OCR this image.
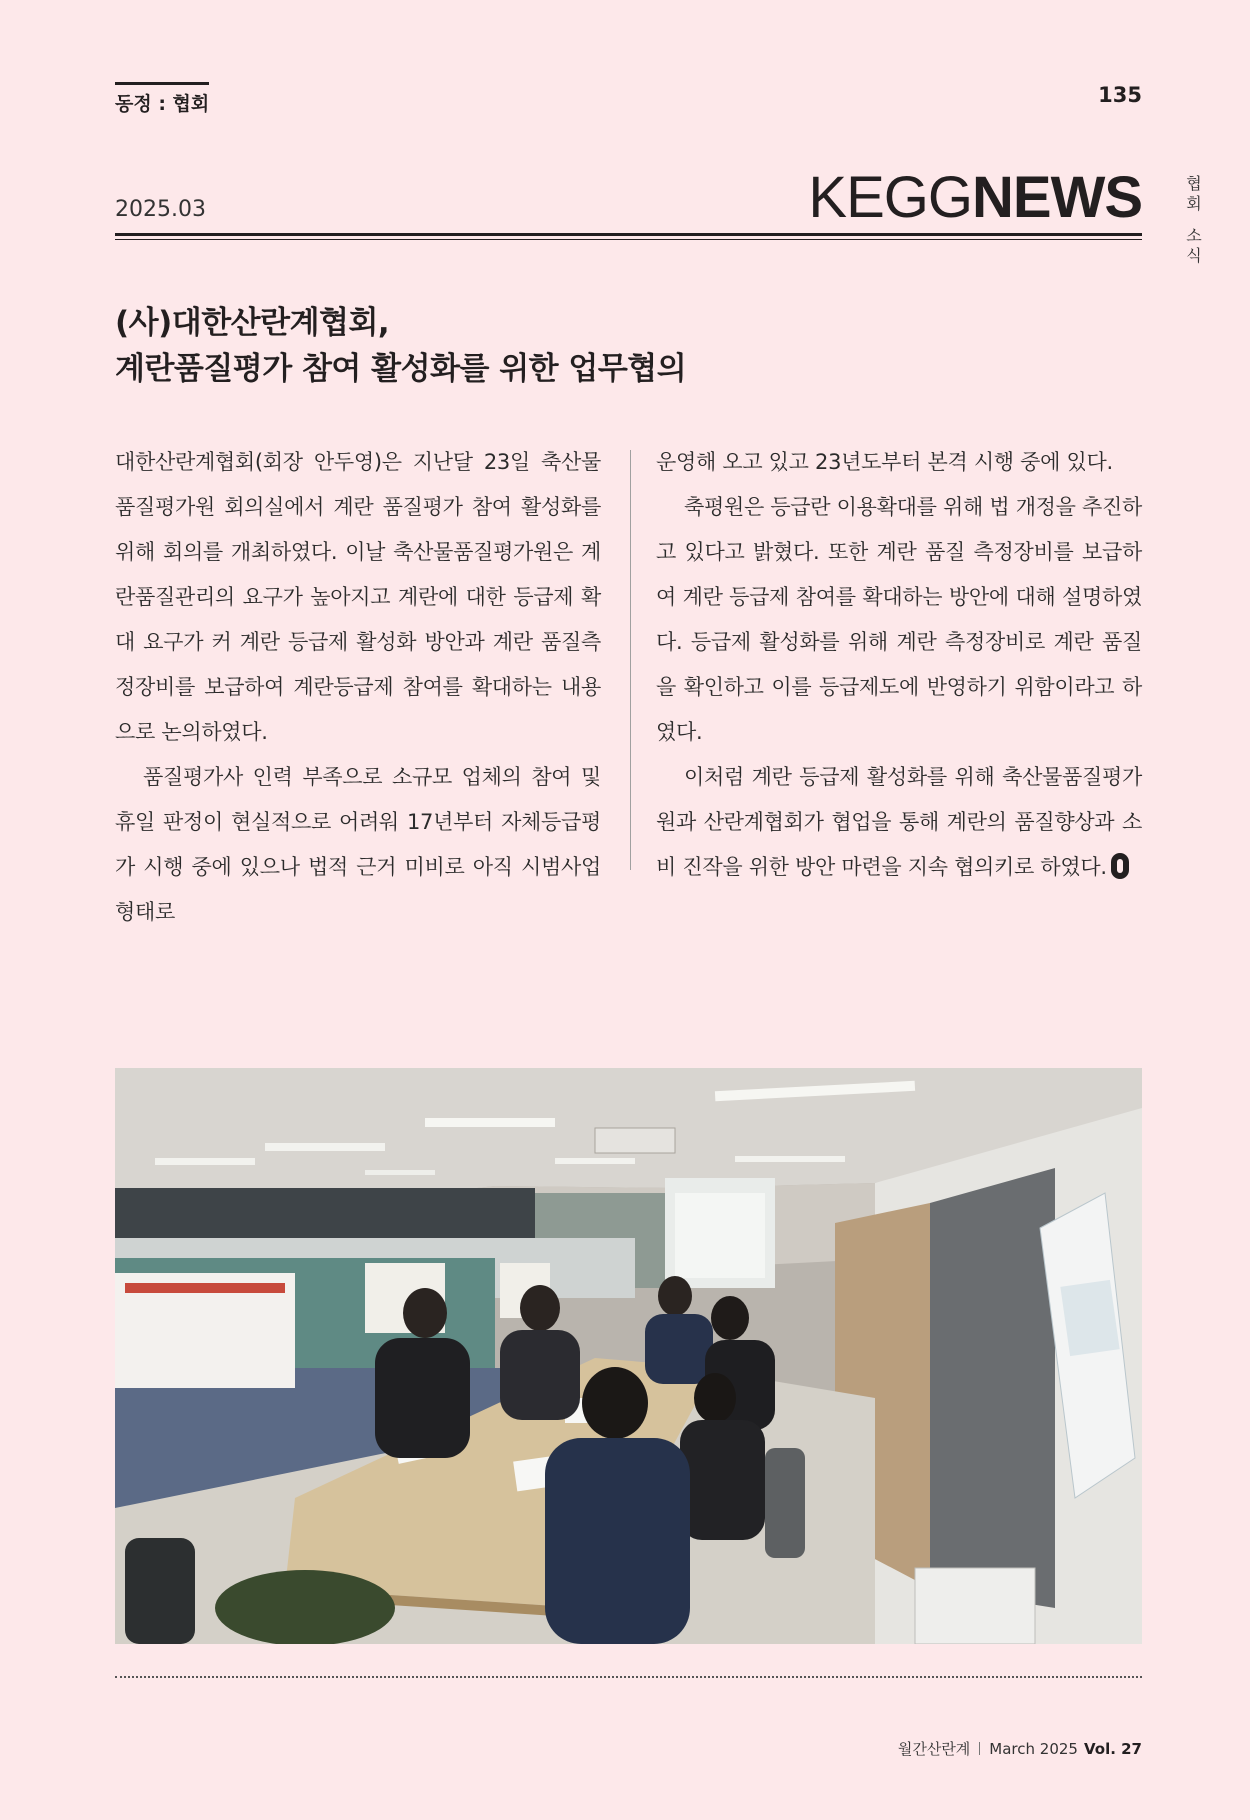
동정 : 협회	135
2025.03	KEGGNEWS	협
회
소
식
(사)대한산란계협회,
계란품질평가 참여 활성화를 위한 업무협의

대한산란계협회(회장 안두영)은 지난달 23일 축산물품질평가원 회의실에서 계란 품질평가 참여 활성화를 위해 회의를 개최하였다. 이날 축산물품질평가원은 계란품질관리의 요구가 높아지고 계란에 대한 등급제 확대 요구가 커 계란 등급제 활성화 방안과 계란 품질측정장비를 보급하여 계란등급제 참여를 확대하는 내용으로 논의하였다.

품질평가사 인력 부족으로 소규모 업체의 참여 및 휴일 판정이 현실적으로 어려워 17년부터 자체등급평가 시행 중에 있으나 법적 근거 미비로 아직 시범사업 형태로

운영해 오고 있고 23년도부터 본격 시행 중에 있다.

축평원은 등급란 이용확대를 위해 법 개정을 추진하고 있다고 밝혔다. 또한 계란 품질 측정장비를 보급하여 계란 등급제 참여를 확대하는 방안에 대해 설명하였다. 등급제 활성화를 위해 계란 측정장비로 계란 품질을 확인하고 이를 등급제도에 반영하기 위함이라고 하였다.

이처럼 계란 등급제 활성화를 위해 축산물품질평가원과 산란계협회가 협업을 통해 계란의 품질향상과 소비 진작을 위한 방안 마련을 지속 협의키로 하였다.

월간산란계 March 2025 Vol. 27
